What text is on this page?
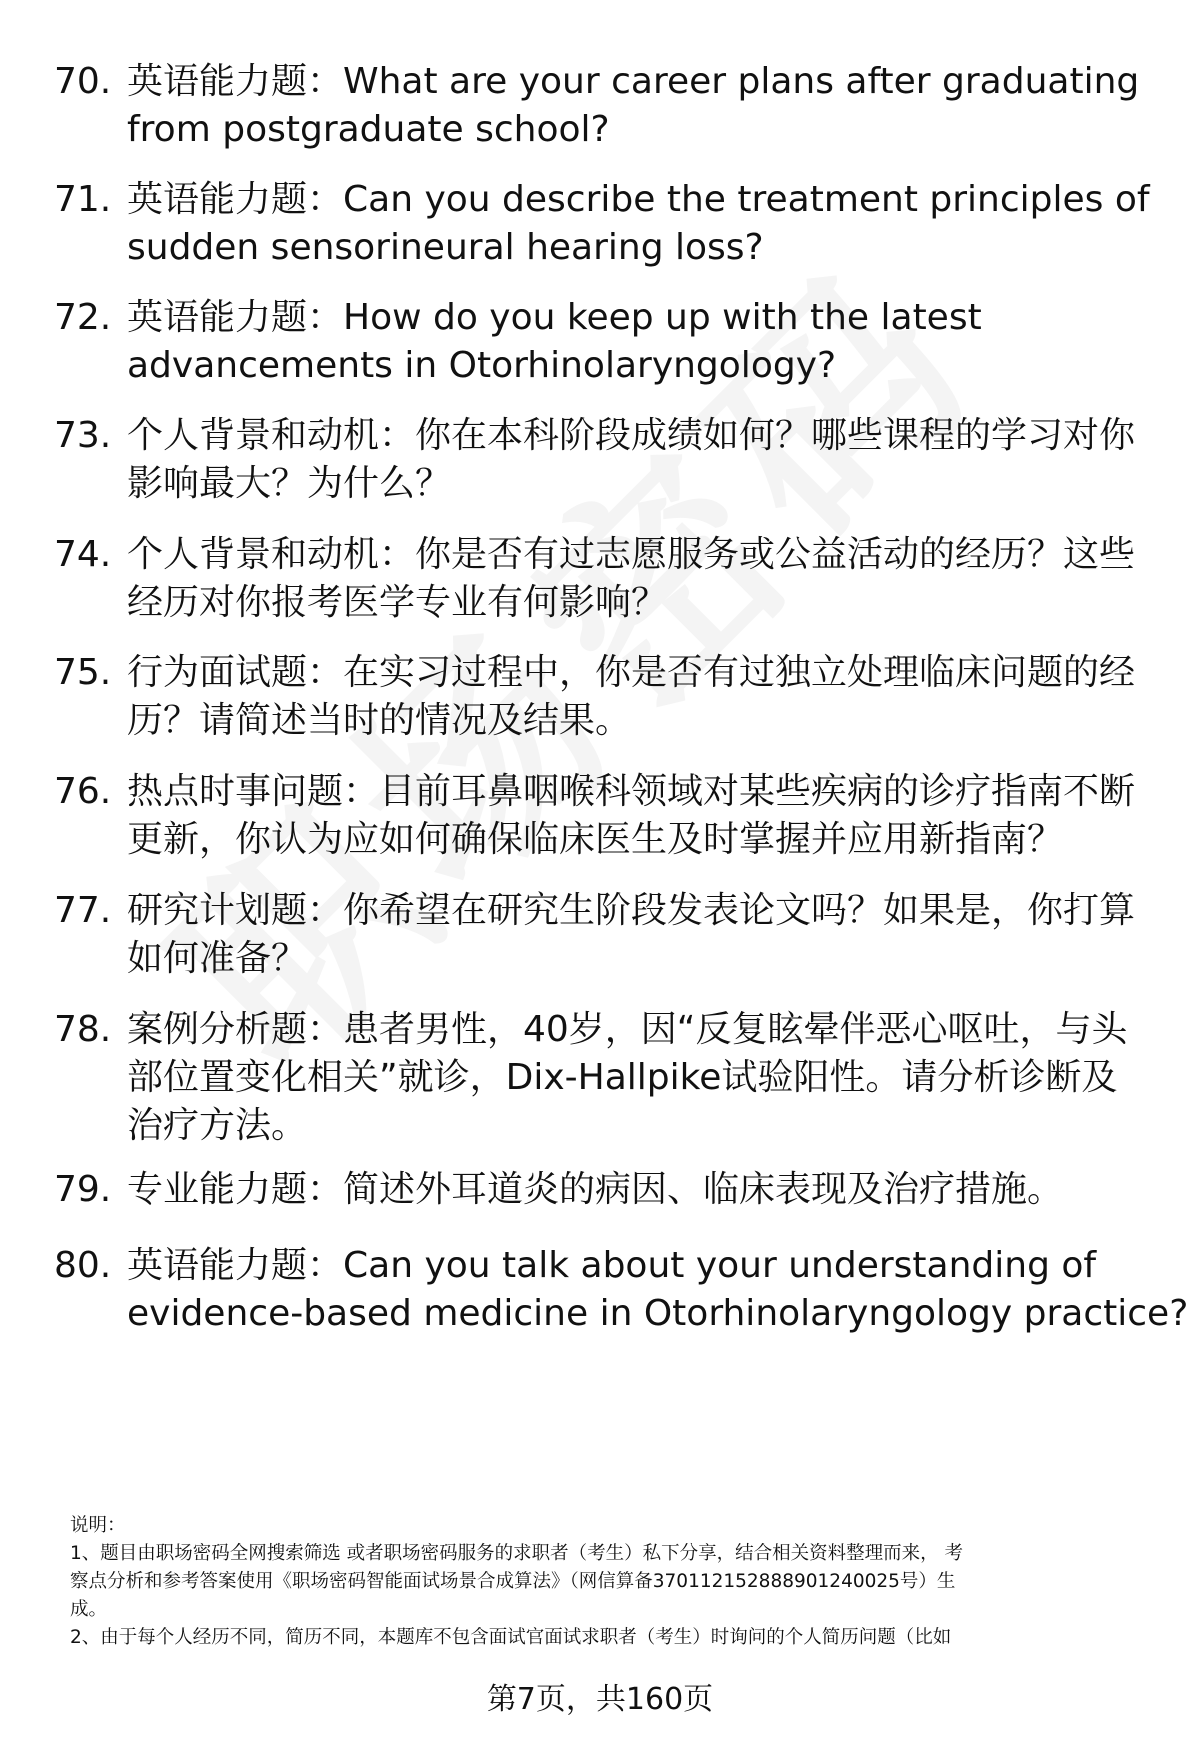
70. 英语能力题：What are your career plans after graduating
from postgraduate school?
71. 英语能力题：Can you describe the treatment principles of
sudden sensorineural hearing loss?
72. 英语能力题：How do you keep up with the latest
advancements in Otorhinolaryngology?
73. 个人背景和动机：你在本科阶段成绩如何？哪些课程的学习对你
影响最大？为什么？
74. 个人背景和动机：你是否有过志愿服务或公益活动的经历？这些
经历对你报考医学专业有何影响？
75. 行为面试题：在实习过程中，你是否有过独立处理临床问题的经
历？请简述当时的情况及结果。
76. 热点时事问题：目前耳鼻咽喉科领域对某些疾病的诊疗指南不断
更新，你认为应如何确保临床医生及时掌握并应用新指南？
77. 研究计划题：你希望在研究生阶段发表论文吗？如果是，你打算
如何准备？
78. 案例分析题：患者男性，40岁，因“反复眩晕伴恶心呕吐，与头
部位置变化相关”就诊，Dix-Hallpike试验阳性。请分析诊断及
治疗方法。
79. 专业能力题：简述外耳道炎的病因、临床表现及治疗措施。
80. 英语能力题：Can you talk about your understanding of
evidence-based medicine in Otorhinolaryngology practice?
说明：
1、题目由职场密码全网搜索筛选 或者职场密码服务的求职者（考生）私下分享，结合相关资料整理而来， 考
察点分析和参考答案使用《职场密码智能面试场景合成算法》（网信算备370112152888901240025号）生
成。
2、由于每个人经历不同，简历不同，本题库不包含面试官面试求职者（考生）时询问的个人简历问题（比如
第7页，共160页
